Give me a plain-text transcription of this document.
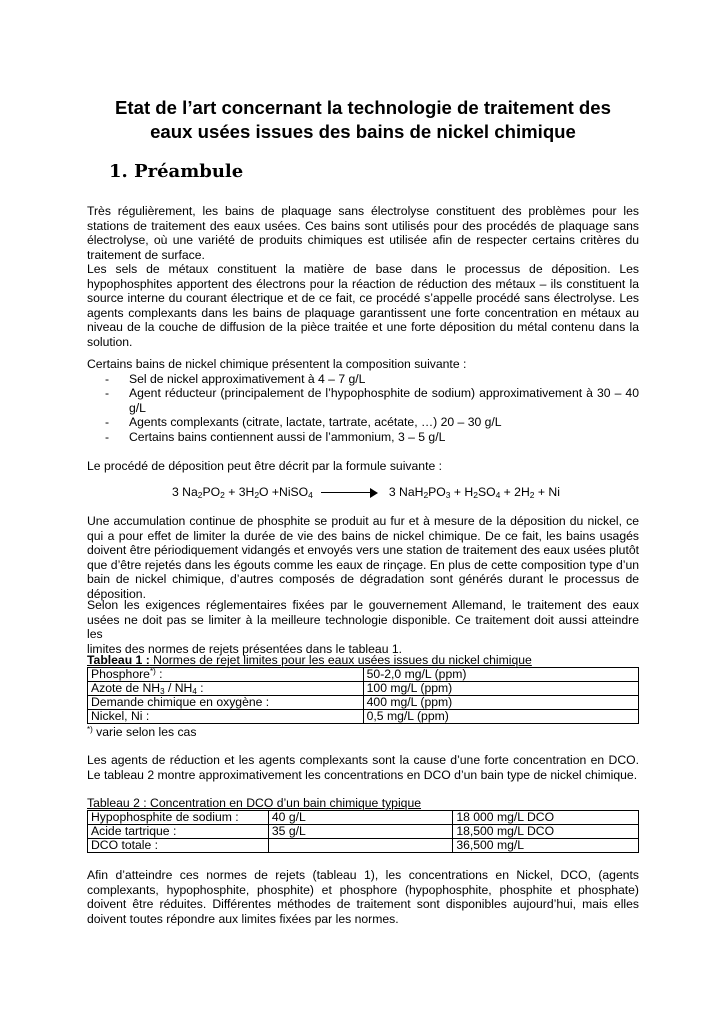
Etat de l’art concernant la technologie de traitement des
eaux usées issues des bains de nickel chimique
1. Préambule
Très régulièrement, les bains de plaquage sans électrolyse constituent des problèmes pour les
stations de traitement des eaux usées. Ces bains sont utilisés pour des procédés de plaquage sans
électrolyse, où une variété de produits chimiques est utilisée afin de respecter certains critères du
traitement de surface.
Les sels de métaux constituent la matière de base dans le processus de déposition. Les
hypophosphites apportent des électrons pour la réaction de réduction des métaux – ils constituent la
source interne du courant électrique et de ce fait, ce procédé s’appelle procédé sans électrolyse. Les
agents complexants dans les bains de plaquage garantissent une forte concentration en métaux au
niveau de la couche de diffusion de la pièce traitée et une forte déposition du métal contenu dans la
solution.
Certains bains de nickel chimique présentent la composition suivante :
- Sel de nickel approximativement à 4 – 7 g/L
- Agent réducteur (principalement de l’hypophosphite de sodium) approximativement à 30 – 40
g/L
- Agents complexants (citrate, lactate, tartrate, acétate, …) 20 – 30 g/L
- Certains bains contiennent aussi de l’ammonium, 3 – 5 g/L
Le procédé de déposition peut être décrit par la formule suivante :
3 $Na_2PO_2 + 3H_2O$ +NiSO$_4$	3 $NaH_2PO_3 + H_2SO_4 + 2H_2 + Ni$
Une accumulation continue de phosphite se produit au fur et à mesure de la déposition du nickel, ce
qui a pour effet de limiter la durée de vie des bains de nickel chimique. De ce fait, les bains usagés
doivent être périodiquement vidangés et envoyés vers une station de traitement des eaux usées plutôt
que d’être rejetés dans les égouts comme les eaux de rinçage. En plus de cette composition type d’un
bain de nickel chimique, d’autres composés de dégradation sont générés durant le processus de
déposition.
Selon les exigences réglementaires fixées par le gouvernement Allemand, le traitement des eaux
usées ne doit pas se limiter à la meilleure technologie disponible. Ce traitement doit aussi atteindre les
limites des normes de rejets présentées dans le tableau 1.
Tableau 1 : Normes de rejet limites pour les eaux usées issues du nickel chimique
Phosphore*) :	50-2,0 mg/L (ppm)
Azote de $NH_3 / NH_4$ :	100 mg/L (ppm)
Demande chimique en oxygène :	400 mg/L (ppm)
Nickel, Ni :	0,5 mg/L (ppm)
*) varie selon les cas
Les agents de réduction et les agents complexants sont la cause d’une forte concentration en DCO.
Le tableau 2 montre approximativement les concentrations en DCO d’un bain type de nickel chimique.
Tableau 2 : Concentration en DCO d’un bain chimique typique
Hypophosphite de sodium :	40 g/L	18 000 mg/L DCO
Acide tartrique :	35 g/L	18,500 mg/L DCO
DCO totale :		36,500 mg/L
Afin d’atteindre ces normes de rejets (tableau 1), les concentrations en Nickel, DCO, (agents
complexants, hypophosphite, phosphite) et phosphore (hypophosphite, phosphite et phosphate)
doivent être réduites. Différentes méthodes de traitement sont disponibles aujourd’hui, mais elles
doivent toutes répondre aux limites fixées par les normes.
